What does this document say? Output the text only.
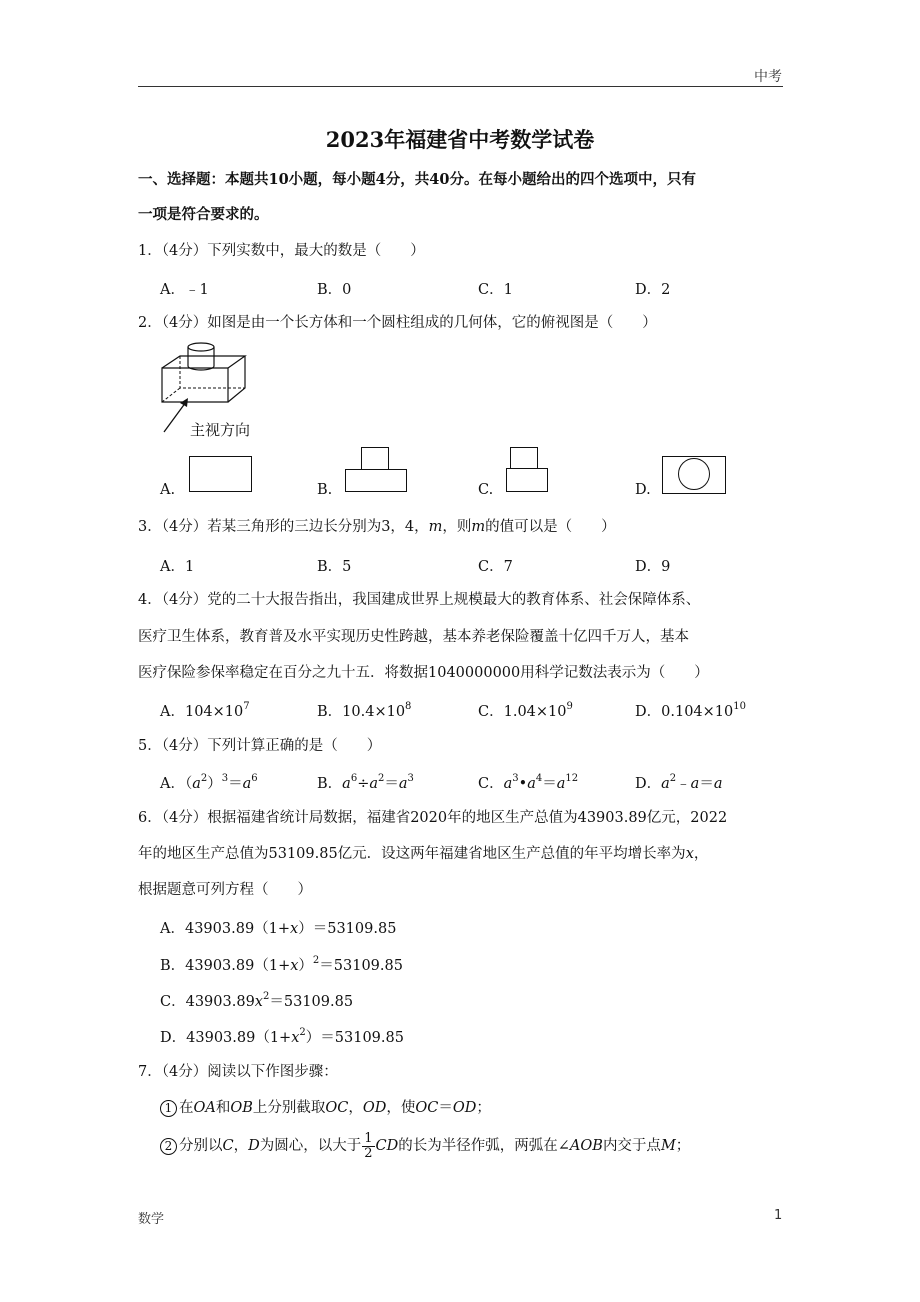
中考
2023年福建省中考数学试卷
一、选择题：本题共10小题，每小题4分，共40分。在每小题给出的四个选项中，只有
一项是符合要求的。
1．（4分）下列实数中，最大的数是（　　）
A．﹣1	B．0	C．1	D．2
2．（4分）如图是由一个长方体和一个圆柱组成的几何体，它的俯视图是（　　）
主视方向
A.	B.	C.	D.
3．（4分）若某三角形的三边长分别为3，4，m，则m的值可以是（　　）
A．1	B．5	C．7	D．9
4．（4分）党的二十大报告指出，我国建成世界上规模最大的教育体系、社会保障体系、
医疗卫生体系，教育普及水平实现历史性跨越，基本养老保险覆盖十亿四千万人，基本
医疗保险参保率稳定在百分之九十五．将数据1040000000用科学记数法表示为（　　）
A．$104\times 10^7$	B．$10.4\times 10^8$	C．$1.04\times 10^9$	D．$0.104\times 10^{10}$
5．（4分）下列计算正确的是（　　）
A．$(a^2)^3=a^6$	B．$a^6\div a^2=a^3$	C．$a^3•a^4=a^{12}$	D．$a^2﹣a=a$
6．（4分）根据福建省统计局数据，福建省2020年的地区生产总值为43903.89亿元，2022
年的地区生产总值为53109.85亿元．设这两年福建省地区生产总值的年平均增长率为x，
根据题意可列方程（　　）
A．43903.89（1+x）＝53109.85
B．$43903.89(1+x)^2=53109.85$
C．$43903.89x^2=53109.85$
D．$43903.89(1+x^2)=53109.85$
7．（4分）阅读以下作图步骤：
1 在OA和OB上分别截取OC，OD，使OC＝OD；
2 分别以C，D为圆心，以大于 $\frac{1}{2}$ CD的长为半径作弧，两弧在∠AOB内交于点M；
数学	1
